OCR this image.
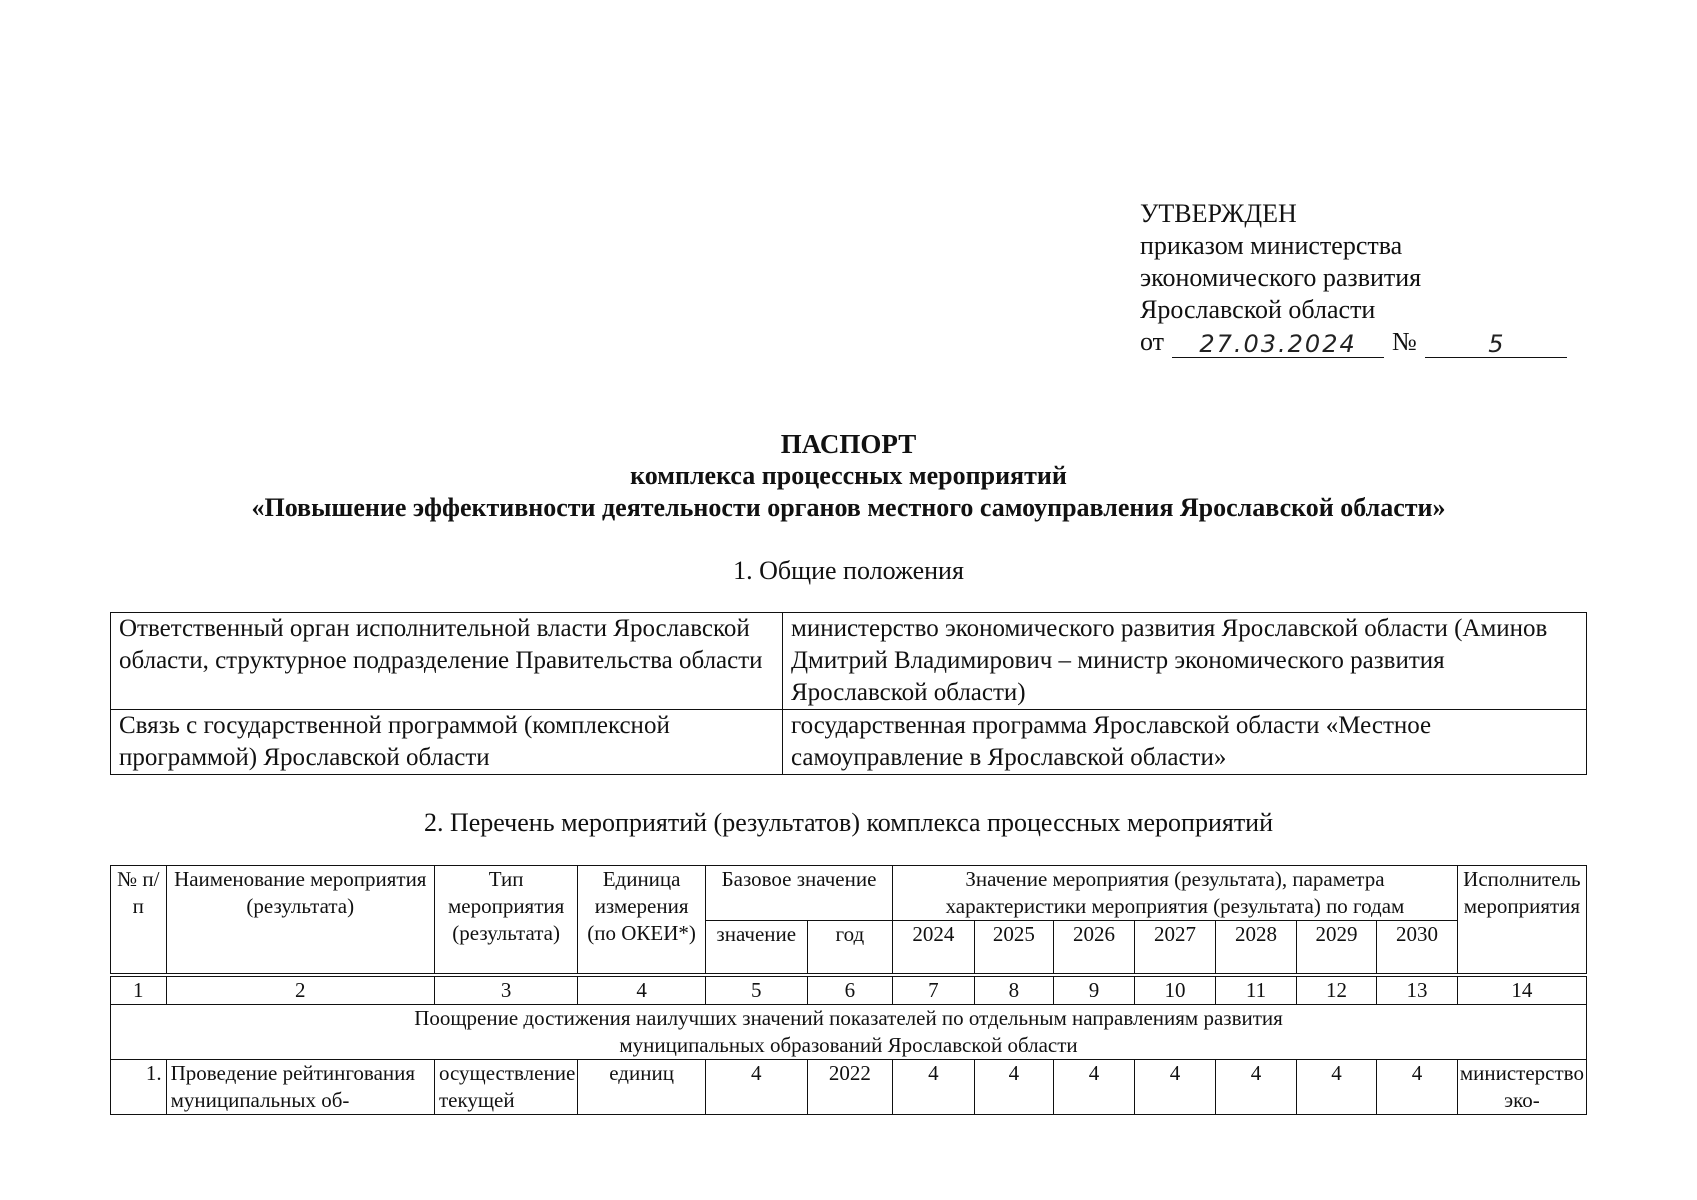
УТВЕРЖДЕН
приказом министерства
экономического развития
Ярославской области
от	27.03.2024	№	5
ПАСПОРТ
комплекса процессных мероприятий
«Повышение эффективности деятельности органов местного самоуправления Ярославской области»
1. Общие положения
Ответственный орган исполнительной власти Ярославской области, структурное подразделение Правительства области	министерство экономического развития Ярославской области (Аминов Дмитрий Владимирович – министр экономического развития Ярославской области)
Связь с государственной программой (комплексной программой) Ярославской области	государственная программа Ярославской области «Местное самоуправление в Ярославской области»
2. Перечень мероприятий (результатов) комплекса процессных мероприятий
№ п/п	Наименование мероприятия (результата)	Тип мероприятия (результата)	Единица измерения (по ОКЕИ*)	Базовое значение		Значение мероприятия (результата), параметра характеристики мероприятия (результата) по годам							Исполнитель мероприятия
				значение	год	2024	2025	2026	2027	2028	2029	2030	
1	2	3	4	5	6	7	8	9	10	11	12	13	14

Поощрение достижения наилучших значений показателей по отдельным направлениям развития
муниципальных образований Ярославской области													

1.	Проведение рейтингования муниципальных об-	осуществление текущей	единиц	4	2022	4	4	4	4	4	4	4	министерство эко-
